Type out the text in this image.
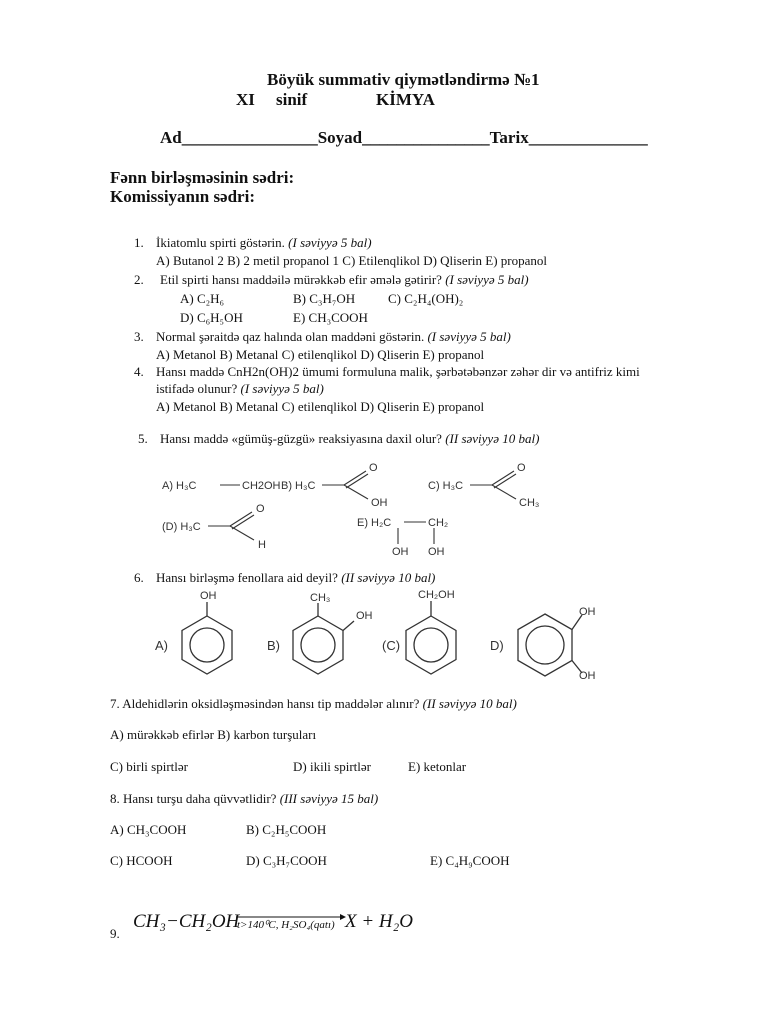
Böyük summativ qiymətləndirmə №1
XI sinif	KİMYA
Ad________________Soyad_______________Tarix______________
Fənn birləşməsinin sədri:
Komissiyanın sədri:
1. İkiatomlu spirti göstərin. (I səviyyə 5 bal)
A) Butanol 2 B) 2 metil propanol 1 C) Etilenqlikol D) Qliserin E) propanol
2. Etil spirti hansı maddəilə mürəkkəb efir əmələ gətirir? (I səviyyə 5 bal)
A) C₂H₆	B) C₃H₇OH	C) C₂H₄(OH)₂
D) C₆H₅OH	E) CH₃COOH
3. Normal şəraitdə qaz halında olan maddəni göstərin. (I səviyyə 5 bal)
A) Metanol B) Metanal C) etilenqlikol D) Qliserin E) propanol
4. Hansı maddə CnH2n(OH)2 ümumi formuluna malik, şərbətəbənzər zəhər dir və antifriz kimi
istifadə olunur? (I səviyyə 5 bal)
A) Metanol B) Metanal C) etilenqlikol D) Qliserin E) propanol
5. Hansı maddə «gümüş-güzgü» reaksiyasına daxil olur? (II səviyyə 10 bal)
A) H₃C	CH2OH B) H₃C
O
OH
C) H₃C
O
CH₃
(D) H₃C
O
H
E) H₂C	CH₂
OH OH
6. Hansı birləşmə fenollara aid deyil? (II səviyyə 10 bal)
A)
OH
B)
CH₃
OH
(C)
CH₂OH
D)
OH
OH
7. Aldehidlərin oksidləşməsindən hansı tip maddələr alınır? (II səviyyə 10 bal)
A) mürəkkəb efirlər B) karbon turşuları
C) birli spirtlər	D) ikili spirtlər	E) ketonlar
8. Hansı turşu daha qüvvətlidir? (III səviyyə 15 bal)
A) CH₃COOH	B) C₂H₅COOH
C) HCOOH	D) C₃H₇COOH	E) C₄H₉COOH
9.
CH₃−CH₂OH
t>140⁰C, H₂SO₄(qatı) X + H₂O
